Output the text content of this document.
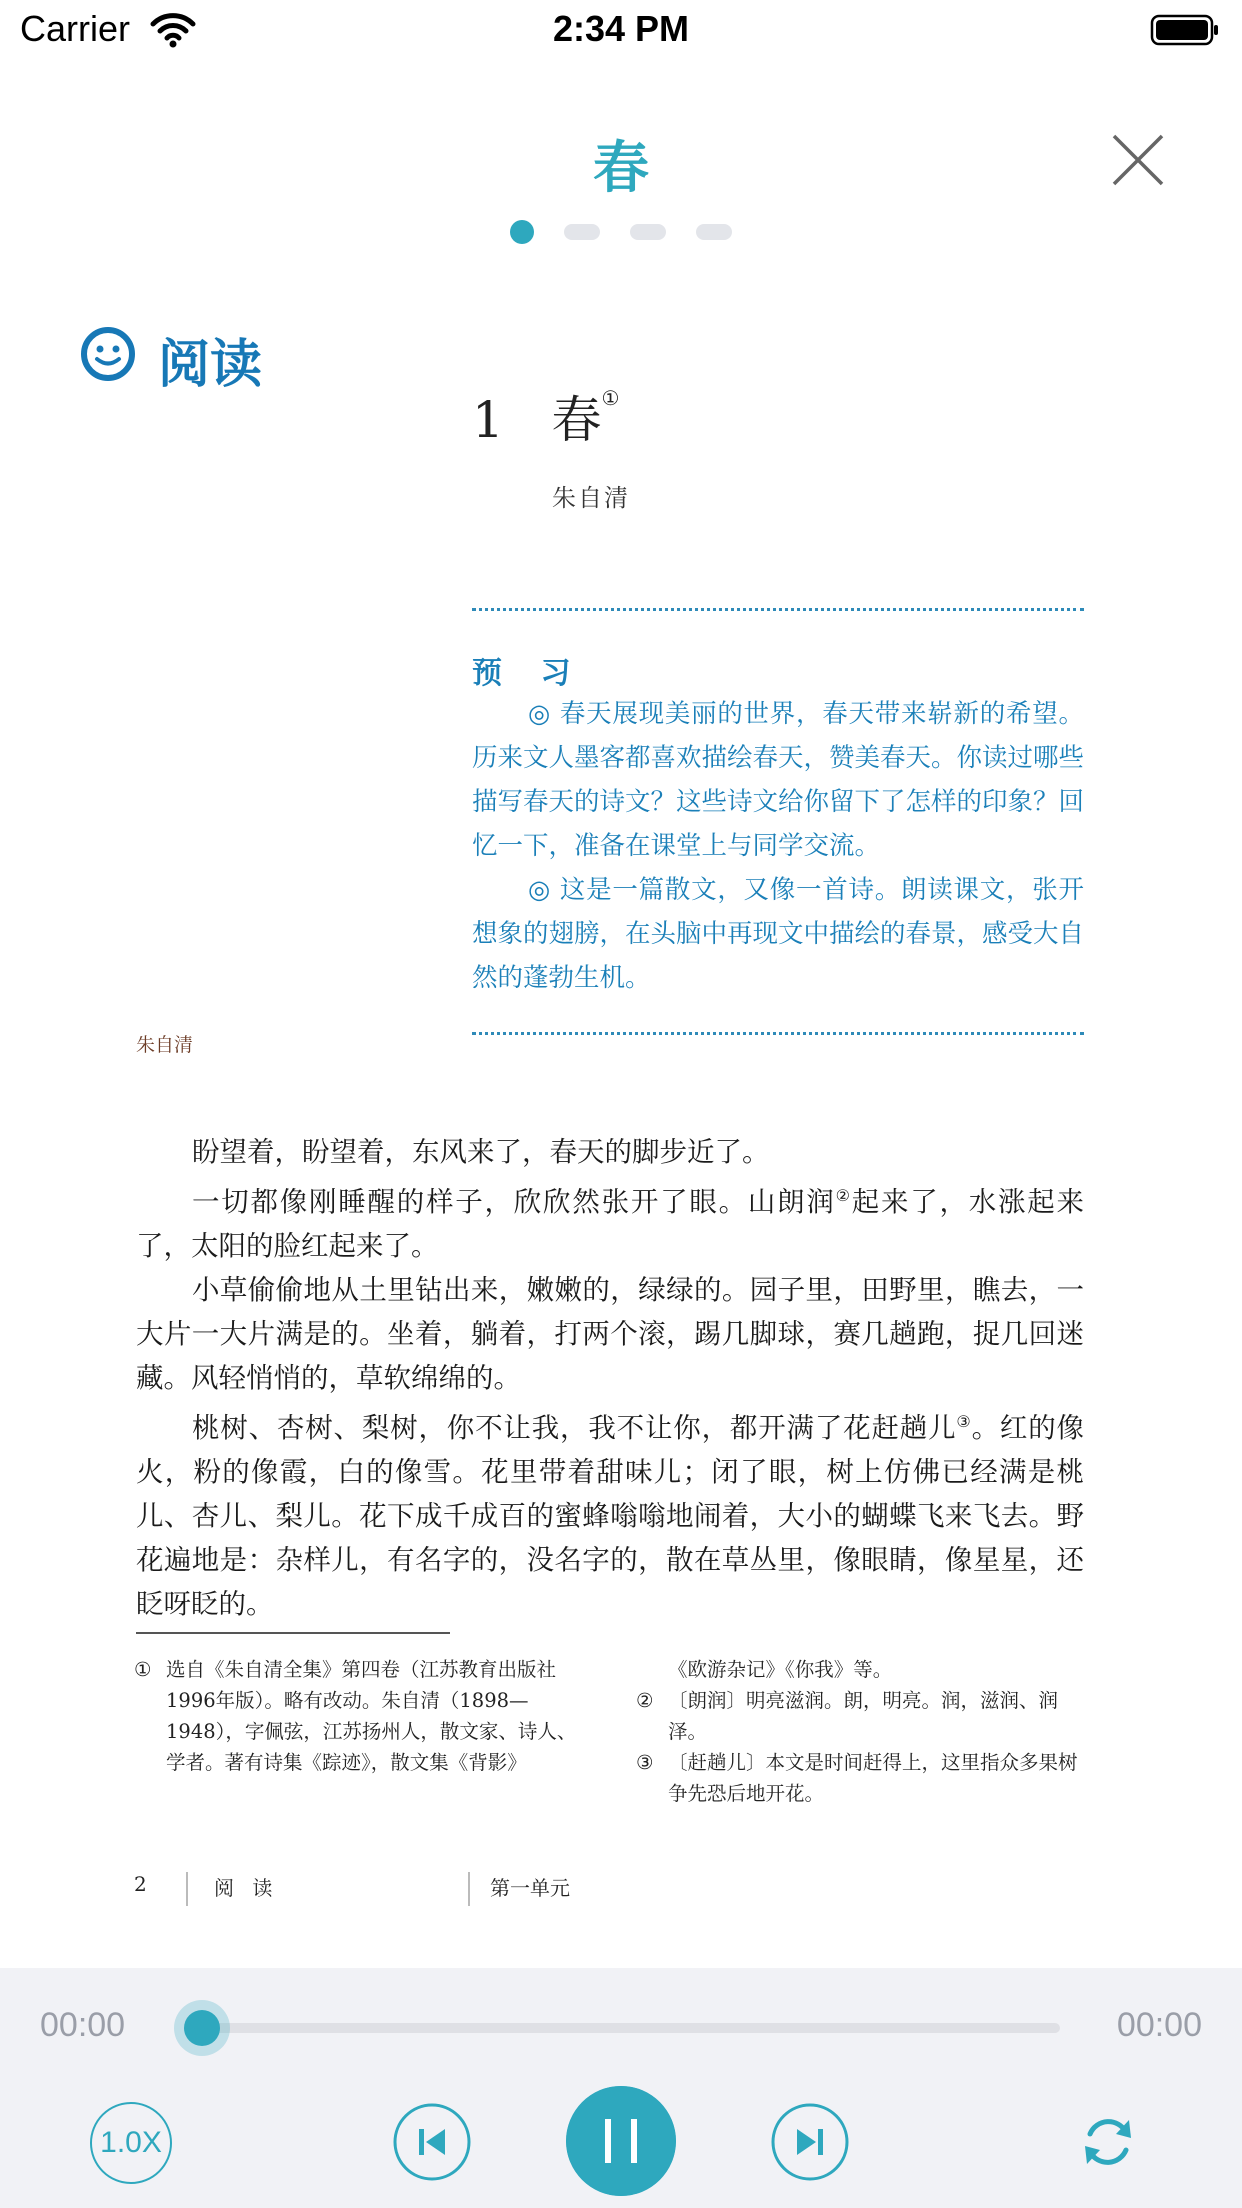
Carrier	2:34 PM
春
阅读
1 春①
朱自清
预 习

◎ 春天展现美丽的世界，春天带来崭新的希望。历来文人墨客都喜欢描绘春天，赞美春天。你读过哪些描写春天的诗文？这些诗文给你留下了怎样的印象？回忆一下，准备在课堂上与同学交流。

◎ 这是一篇散文，又像一首诗。朗读课文，张开想象的翅膀，在头脑中再现文中描绘的春景，感受大自然的蓬勃生机。

朱自清

盼望着，盼望着，东风来了，春天的脚步近了。

一切都像刚睡醒的样子，欣欣然张开了眼。山朗润②起来了，水涨起来了，太阳的脸红起来了。

小草偷偷地从土里钻出来，嫩嫩的，绿绿的。园子里，田野里，瞧去，一大片一大片满是的。坐着，躺着，打两个滚，踢几脚球，赛几趟跑，捉几回迷藏。风轻悄悄的，草软绵绵的。

桃树、杏树、梨树，你不让我，我不让你，都开满了花赶趟儿③。红的像火，粉的像霞，白的像雪。花里带着甜味儿；闭了眼，树上仿佛已经满是桃儿、杏儿、梨儿。花下成千成百的蜜蜂嗡嗡地闹着，大小的蝴蝶飞来飞去。野花遍地是：杂样儿，有名字的，没名字的，散在草丛里，像眼睛，像星星，还眨呀眨的。

① 选自《朱自清全集》第四卷（江苏教育出版社1996年版）。略有改动。朱自清（1898—1948），字佩弦，江苏扬州人，散文家、诗人、学者。著有诗集《踪迹》，散文集《背影》
《欧游杂记》《你我》等。
② 〔朗润〕明亮滋润。朗，明亮。润，滋润、润泽。
③ 〔赶趟儿〕本文是时间赶得上，这里指众多果树争先恐后地开花。
2	阅 读	第一单元
00:00	00:00
1.0X
